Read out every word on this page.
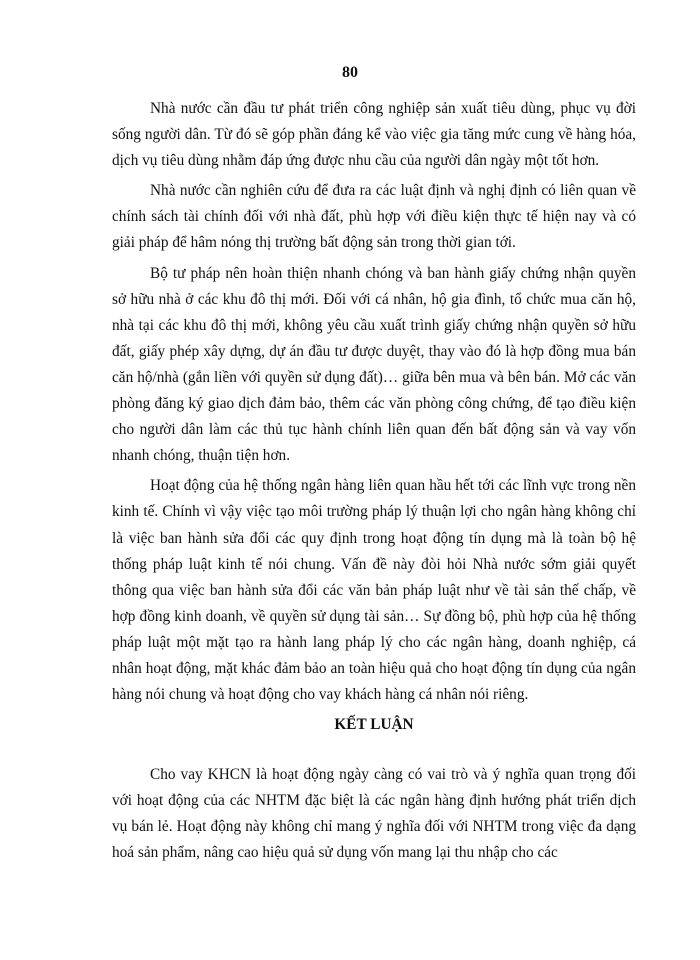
80

Nhà nước cần đầu tư phát triển công nghiệp sản xuất tiêu dùng, phục vụ đời sống người dân. Từ đó sẽ góp phần đáng kể vào việc gia tăng mức cung về hàng hóa, dịch vụ tiêu dùng nhằm đáp ứng được nhu cầu của người dân ngày một tốt hơn.

Nhà nước cần nghiên cứu để đưa ra các luật định và nghị định có liên quan về chính sách tài chính đối với nhà đất, phù hợp với điều kiện thực tế hiện nay và có giải pháp để hâm nóng thị trường bất động sản trong thời gian tới.

Bộ tư pháp nên hoàn thiện nhanh chóng và ban hành giấy chứng nhận quyền sở hữu nhà ở các khu đô thị mới. Đối với cá nhân, hộ gia đình, tổ chức mua căn hộ, nhà tại các khu đô thị mới, không yêu cầu xuất trình giấy chứng nhận quyền sở hữu đất, giấy phép xây dựng, dự án đầu tư được duyệt, thay vào đó là hợp đồng mua bán căn hộ/nhà (gắn liền với quyền sử dụng đất)… giữa bên mua và bên bán. Mở các văn phòng đăng ký giao dịch đảm bảo, thêm các văn phòng công chứng, để tạo điều kiện cho người dân làm các thủ tục hành chính liên quan đến bất động sản và vay vốn nhanh chóng, thuận tiện hơn.

Hoạt động của hệ thống ngân hàng liên quan hầu hết tới các lĩnh vực trong nền kinh tế. Chính vì vậy việc tạo môi trường pháp lý thuận lợi cho ngân hàng không chỉ là việc ban hành sửa đổi các quy định trong hoạt động tín dụng mà là toàn bộ hệ thống pháp luật kinh tế nói chung. Vấn đề này đòi hỏi Nhà nước sớm giải quyết thông qua việc ban hành sửa đổi các văn bản pháp luật như về tài sản thế chấp, về hợp đồng kinh doanh, về quyền sử dụng tài sản… Sự đồng bộ, phù hợp của hệ thống pháp luật một mặt tạo ra hành lang pháp lý cho các ngân hàng, doanh nghiệp, cá nhân hoạt động, mặt khác đảm bảo an toàn hiệu quả cho hoạt động tín dụng của ngân hàng nói chung và hoạt động cho vay khách hàng cá nhân nói riêng.

KẾT LUẬN

Cho vay KHCN là hoạt động ngày càng có vai trò và ý nghĩa quan trọng đối với hoạt động của các NHTM đặc biệt là các ngân hàng định hướng phát triển dịch vụ bán lẻ. Hoạt động này không chỉ mang ý nghĩa đối với NHTM trong việc đa dạng hoá sản phẩm, nâng cao hiệu quả sử dụng vốn mang lại thu nhập cho các
